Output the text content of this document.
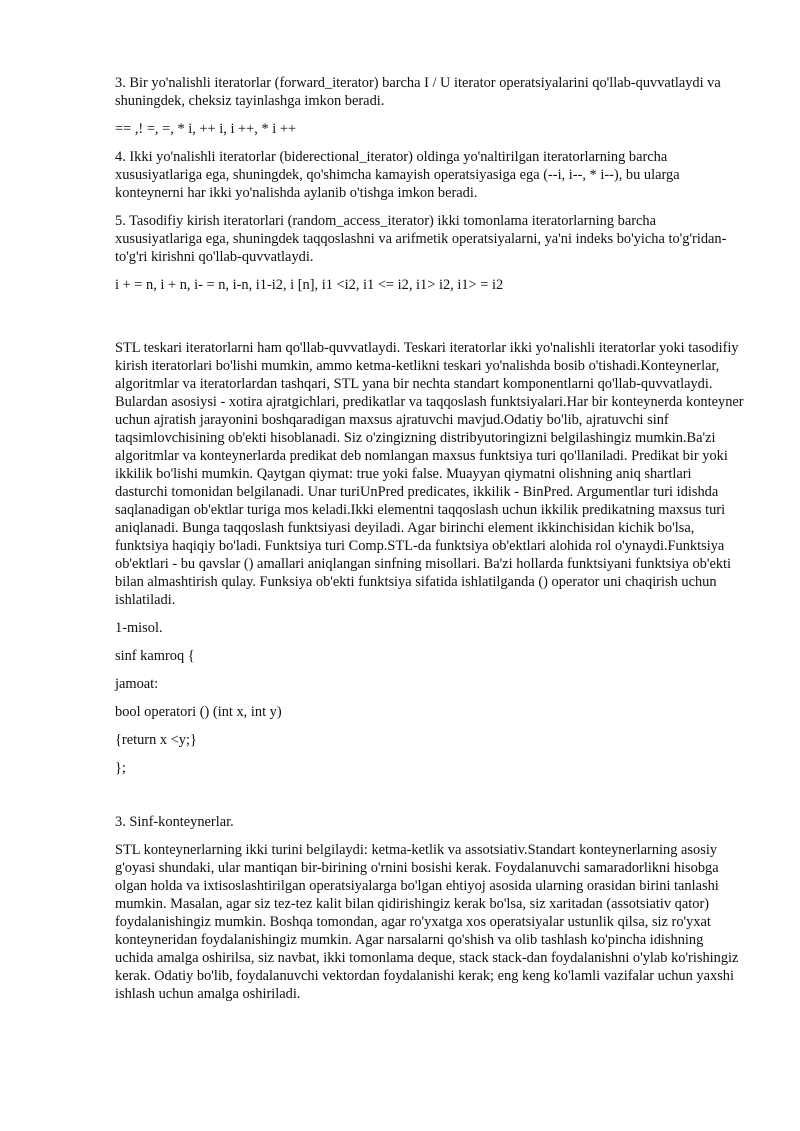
3. Bir yo'nalishli iteratorlar (forward_iterator) barcha I / U iterator operatsiyalarini qo'llab-quvvatlaydi va shuningdek, cheksiz tayinlashga imkon beradi.

== ,! =, =, * i, ++ i, i ++, * i ++

4. Ikki yo'nalishli iteratorlar (biderectional_iterator) oldinga yo'naltirilgan iteratorlarning barcha xususiyatlariga ega, shuningdek, qo'shimcha kamayish operatsiyasiga ega (--i, i--, * i--), bu ularga konteynerni har ikki yo'nalishda aylanib o'tishga imkon beradi.

5. Tasodifiy kirish iteratorlari (random_access_iterator) ikki tomonlama iteratorlarning barcha xususiyatlariga ega, shuningdek taqqoslashni va arifmetik operatsiyalarni, ya'ni indeks bo'yicha to'g'ridan-to'g'ri kirishni qo'llab-quvvatlaydi.

i + = n, i + n, i- = n, i-n, i1-i2, i [n], i1 <i2, i1 <= i2, i1> i2, i1> = i2

STL teskari iteratorlarni ham qo'llab-quvvatlaydi. Teskari iteratorlar ikki yo'nalishli iteratorlar yoki tasodifiy kirish iteratorlari bo'lishi mumkin, ammo ketma-ketlikni teskari yo'nalishda bosib o'tishadi.Konteynerlar, algoritmlar va iteratorlardan tashqari, STL yana bir nechta standart komponentlarni qo'llab-quvvatlaydi. Bulardan asosiysi - xotira ajratgichlari, predikatlar va taqqoslash funktsiyalari.Har bir konteynerda konteyner uchun ajratish jarayonini boshqaradigan maxsus ajratuvchi mavjud.Odatiy bo'lib, ajratuvchi sinf taqsimlovchisining ob'ekti hisoblanadi. Siz o'zingizning distribyutoringizni belgilashingiz mumkin.Ba'zi algoritmlar va konteynerlarda predikat deb nomlangan maxsus funktsiya turi qo'llaniladi. Predikat bir yoki ikkilik bo'lishi mumkin. Qaytgan qiymat: true yoki false. Muayyan qiymatni olishning aniq shartlari dasturchi tomonidan belgilanadi. Unar turiUnPred predicates, ikkilik - BinPred. Argumentlar turi idishda saqlanadigan ob'ektlar turiga mos keladi.Ikki elementni taqqoslash uchun ikkilik predikatning maxsus turi aniqlanadi. Bunga taqqoslash funktsiyasi deyiladi. Agar birinchi element ikkinchisidan kichik bo'lsa, funktsiya haqiqiy bo'ladi. Funktsiya turi Comp.STL-da funktsiya ob'ektlari alohida rol o'ynaydi.Funktsiya ob'ektlari - bu qavslar () amallari aniqlangan sinfning misollari. Ba'zi hollarda funktsiyani funktsiya ob'ekti bilan almashtirish qulay. Funksiya ob'ekti funktsiya sifatida ishlatilganda () operator uni chaqirish uchun ishlatiladi.

1-misol.

sinf kamroq {

jamoat:

bool operatori () (int x, int y)

{return x <y;}

};

3. Sinf-konteynerlar.

STL konteynerlarning ikki turini belgilaydi: ketma-ketlik va assotsiativ.Standart konteynerlarning asosiy g'oyasi shundaki, ular mantiqan bir-birining o'rnini bosishi kerak. Foydalanuvchi samaradorlikni hisobga olgan holda va ixtisoslashtirilgan operatsiyalarga bo'lgan ehtiyoj asosida ularning orasidan birini tanlashi mumkin. Masalan, agar siz tez-tez kalit bilan qidirishingiz kerak bo'lsa, siz xaritadan (assotsiativ qator) foydalanishingiz mumkin. Boshqa tomondan, agar ro'yxatga xos operatsiyalar ustunlik qilsa, siz ro'yxat konteyneridan foydalanishingiz mumkin. Agar narsalarni qo'shish va olib tashlash ko'pincha idishning uchida amalga oshirilsa, siz navbat, ikki tomonlama deque, stack stack-dan foydalanishni o'ylab ko'rishingiz kerak. Odatiy bo'lib, foydalanuvchi vektordan foydalanishi kerak; eng keng ko'lamli vazifalar uchun yaxshi ishlash uchun amalga oshiriladi.
